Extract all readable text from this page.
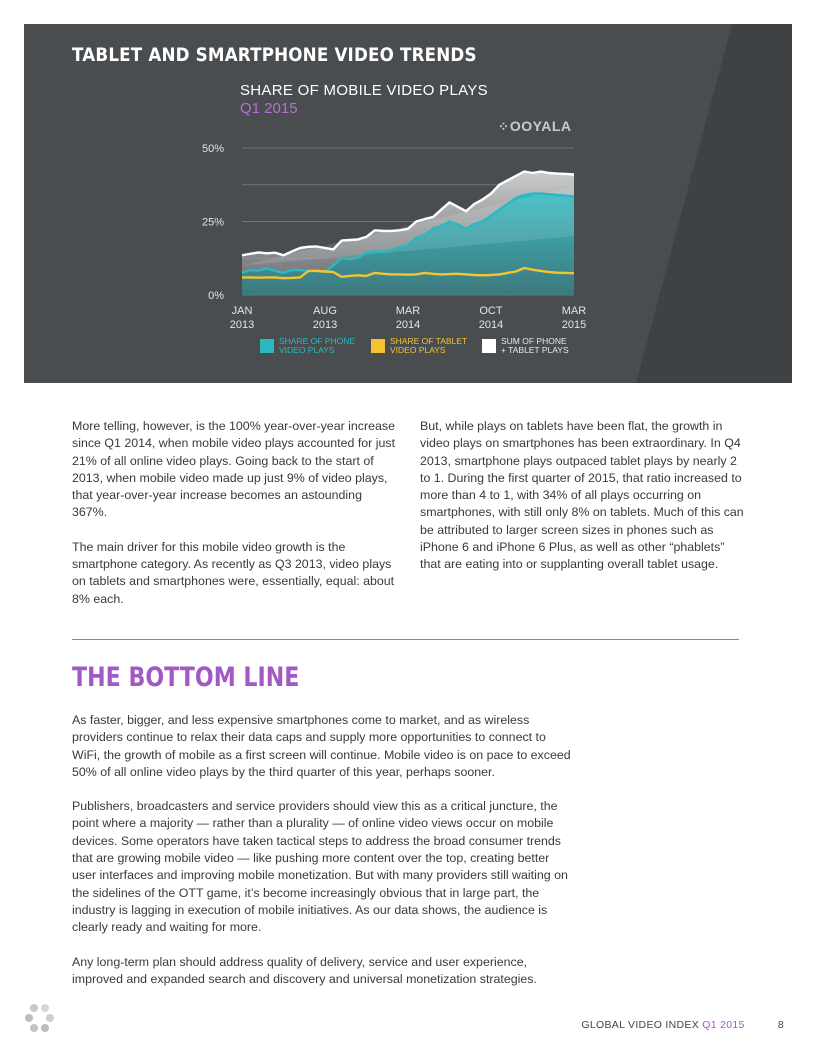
TABLET AND SMARTPHONE VIDEO TRENDS
SHARE OF MOBILE VIDEO PLAYS
Q1 2015
⁘ OOYALA
0%
25%
50%
JAN
2013
AUG
2013
MAR
2014
OCT
2014
MAR
2015
SHARE OF PHONE
VIDEO PLAYS
SHARE OF TABLET
VIDEO PLAYS
SUM OF PHONE
+ TABLET PLAYS

More telling, however, is the 100% year-over-year increase since Q1 2014, when mobile video plays accounted for just 21% of all online video plays. Going back to the start of 2013, when mobile video made up just 9% of video plays, that year-over-year increase becomes an astounding 367%.

The main driver for this mobile video growth is the smartphone category. As recently as Q3 2013, video plays on tablets and smartphones were, essentially, equal: about 8% each.

But, while plays on tablets have been flat, the growth in video plays on smartphones has been extraordinary. In Q4 2013, smartphone plays outpaced tablet plays by nearly 2 to 1. During the first quarter of 2015, that ratio increased to more than 4 to 1, with 34% of all plays occurring on smartphones, with still only 8% on tablets. Much of this can be attributed to larger screen sizes in phones such as iPhone 6 and iPhone 6 Plus, as well as other “phablets” that are eating into or supplanting overall tablet usage.

THE BOTTOM LINE

As faster, bigger, and less expensive smartphones come to market, and as wireless providers continue to relax their data caps and supply more opportunities to connect to WiFi, the growth of mobile as a first screen will continue. Mobile video is on pace to exceed 50% of all online video plays by the third quarter of this year, perhaps sooner.

Publishers, broadcasters and service providers should view this as a critical juncture, the point where a majority — rather than a plurality — of online video views occur on mobile devices. Some operators have taken tactical steps to address the broad consumer trends that are growing mobile video — like pushing more content over the top, creating better user interfaces and improving mobile monetization. But with many providers still waiting on the sidelines of the OTT game, it’s become increasingly obvious that in large part, the industry is lagging in execution of mobile initiatives. As our data shows, the audience is clearly ready and waiting for more.

Any long-term plan should address quality of delivery, service and user experience, improved and expanded search and discovery and universal monetization strategies.

GLOBAL VIDEO INDEX Q1 2015	8
